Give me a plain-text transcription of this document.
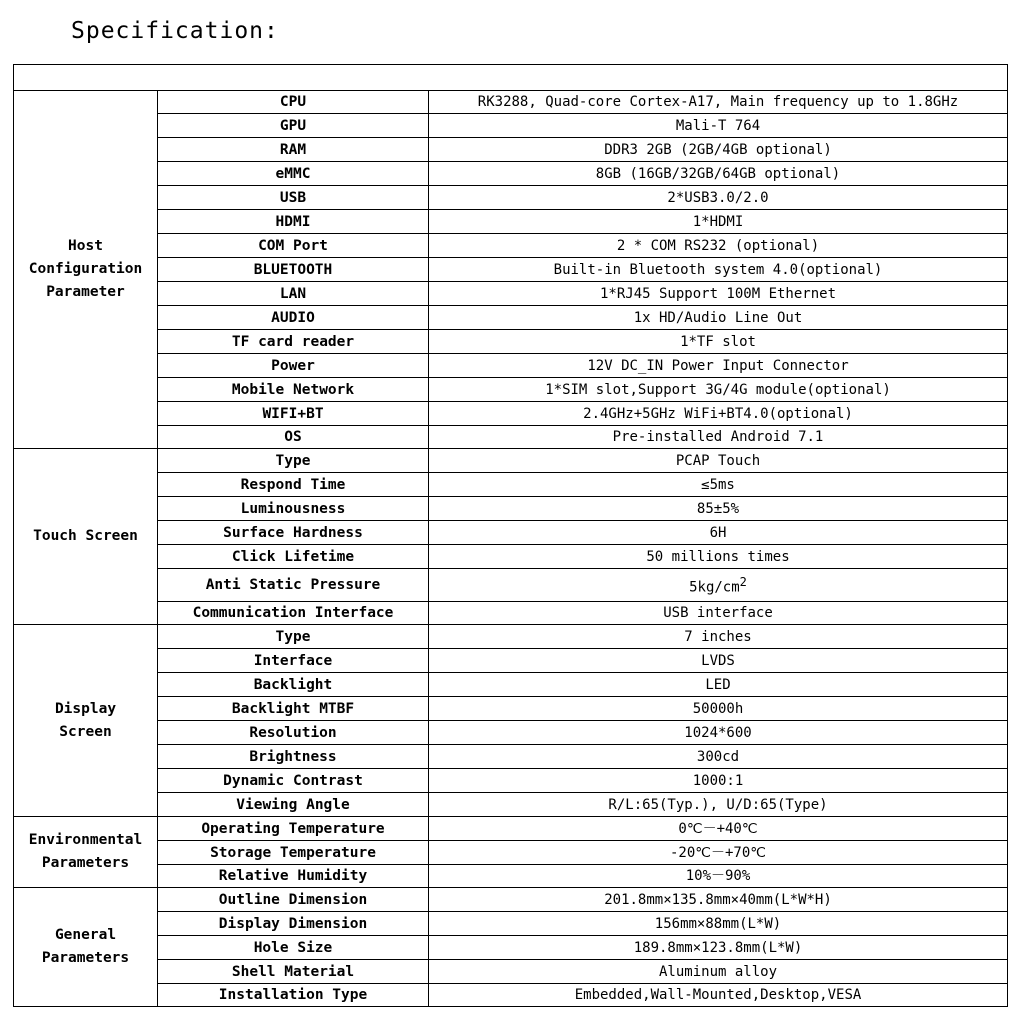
Specification:

Host
Configuration
Parameter	CPU	RK3288, Quad-core Cortex-A17, Main frequency up to 1.8GHz
	GPU	Mali-T 764
	RAM	DDR3 2GB (2GB/4GB optional)
	eMMC	8GB (16GB/32GB/64GB optional)
	USB	2*USB3.0/2.0
	HDMI	1*HDMI
	COM Port	2 * COM RS232 (optional)
	BLUETOOTH	Built-in Bluetooth system 4.0(optional)
	LAN	1*RJ45 Support 100M Ethernet
	AUDIO	1x HD/Audio Line Out
	TF card reader	1*TF slot
	Power	12V DC_IN Power Input Connector
	Mobile Network	1*SIM slot,Support 3G/4G module(optional)
	WIFI+BT	2.4GHz+5GHz WiFi+BT4.0(optional)
	OS	Pre-installed Android 7.1
Touch Screen	Type	PCAP Touch
	Respond Time	≤5ms
	Luminousness	85±5%
	Surface Hardness	6H
	Click Lifetime	50 millions times
	Anti Static Pressure	$5kg/cm^2$
	Communication Interface	USB interface
Display
Screen	Type	7 inches
	Interface	LVDS
	Backlight	LED
	Backlight MTBF	50000h
	Resolution	1024*600
	Brightness	300cd
	Dynamic Contrast	1000:1
	Viewing Angle	R/L:65(Typ.), U/D:65(Type)
Environmental
Parameters	Operating Temperature	0℃－+40℃
	Storage Temperature	-20℃－+70℃
	Relative Humidity	10%－90%
General
Parameters	Outline Dimension	201.8mm×135.8mm×40mm(L*W*H)
	Display Dimension	156mm×88mm(L*W)
	Hole Size	189.8mm×123.8mm(L*W)
	Shell Material	Aluminum alloy
	Installation Type	Embedded,Wall-Mounted,Desktop,VESA
